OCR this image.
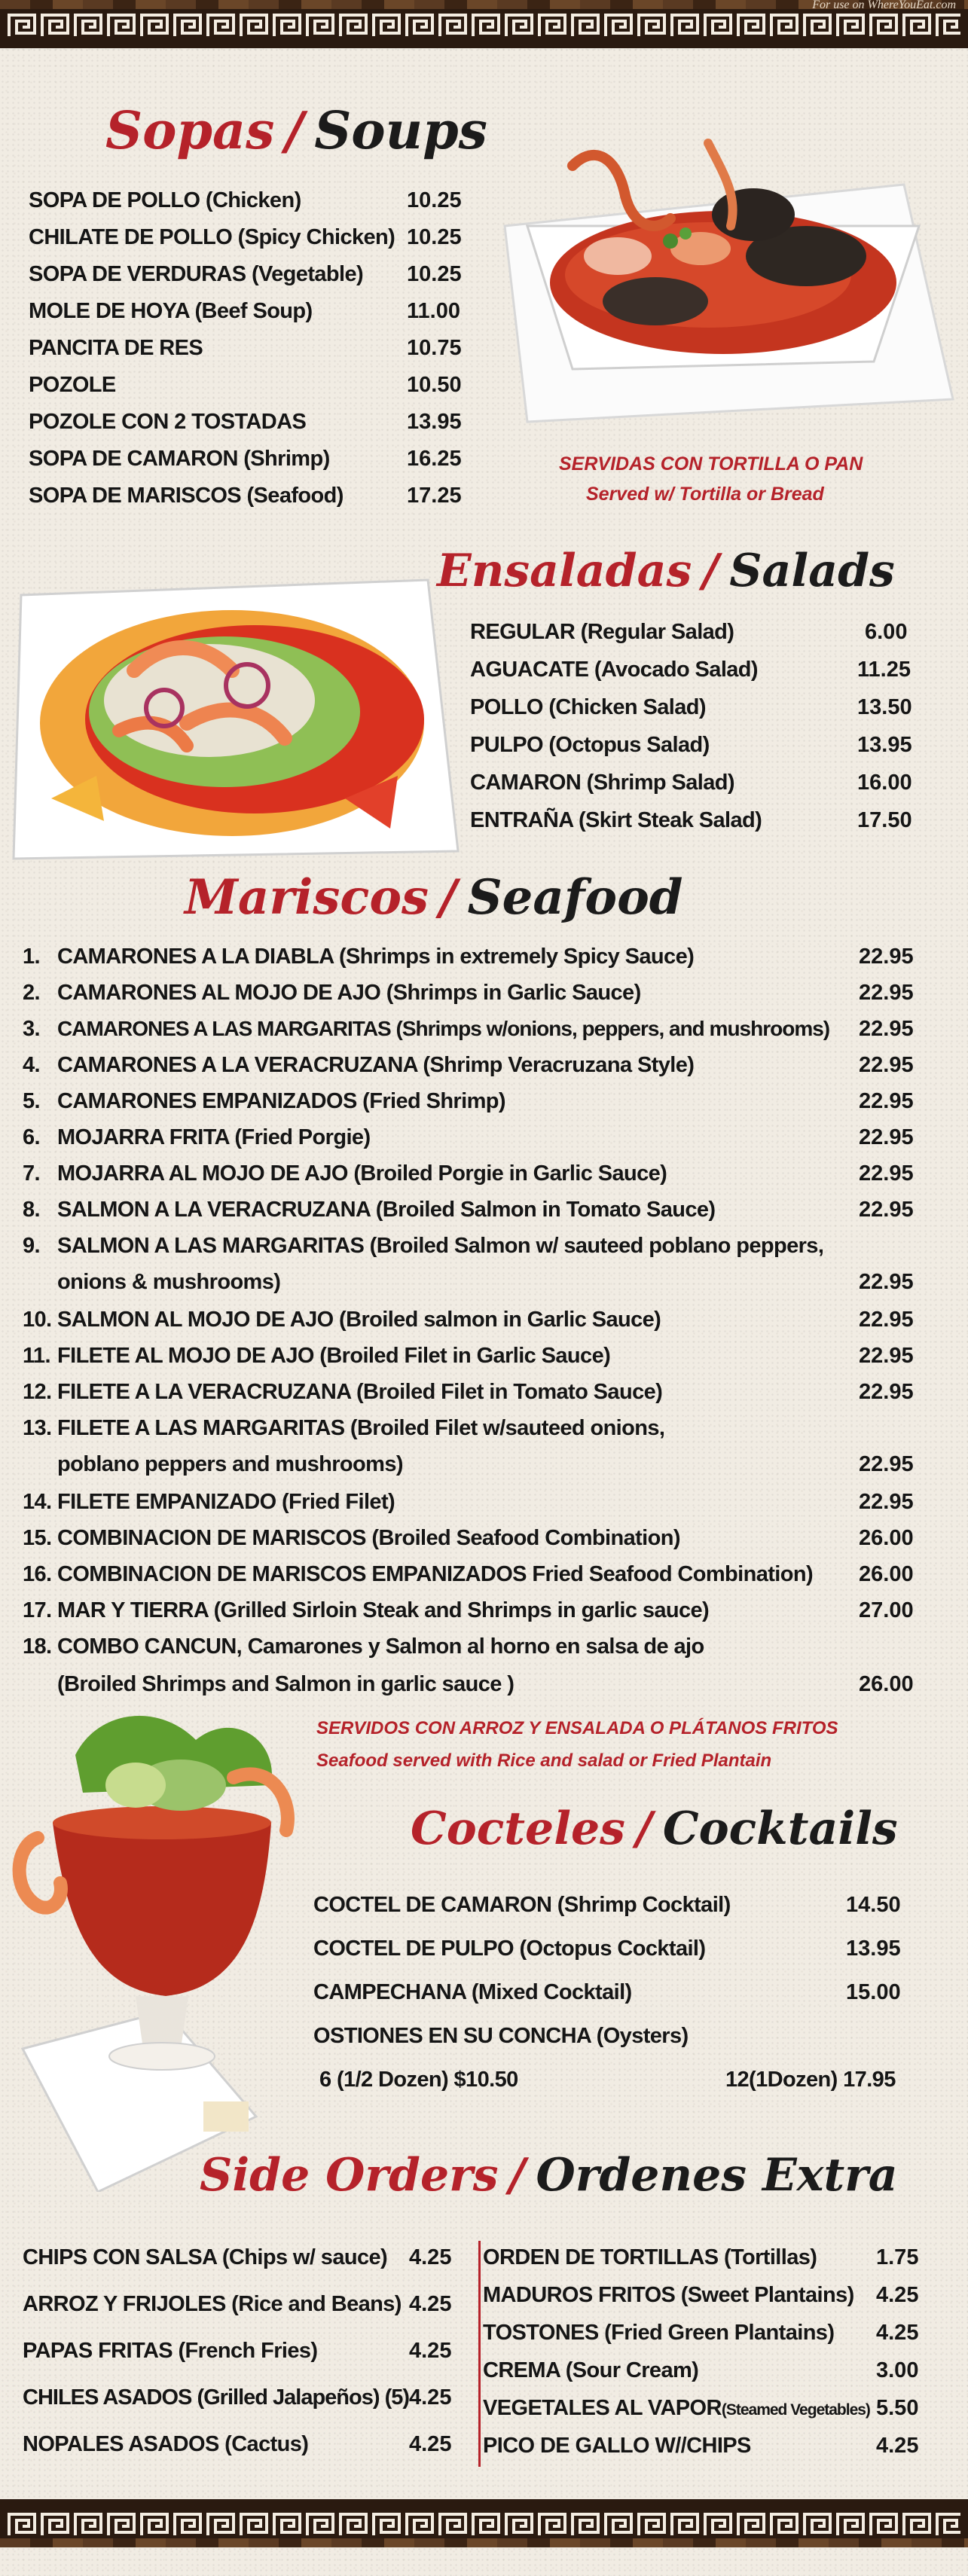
For use on WhereYouEat.com
Sopas / Soups
SOPA DE POLLO (Chicken)	10.25
CHILATE DE POLLO (Spicy Chicken) 10.25
SOPA DE VERDURAS (Vegetable) 10.25
MOLE DE HOYA (Beef Soup)	11.00
PANCITA DE RES	10.75
POZOLE	10.50
POZOLE CON 2 TOSTADAS	13.95
SOPA DE CAMARON (Shrimp)	16.25
SOPA DE MARISCOS (Seafood)	17.25
SERVIDAS CON TORTILLA O PAN
Served w/ Tortilla or Bread
Ensaladas / Salads
REGULAR (Regular Salad)	6.00
AGUACATE (Avocado Salad)	11.25
POLLO (Chicken Salad)	13.50
PULPO (Octopus Salad)	13.95
CAMARON (Shrimp Salad)	16.00
ENTRAÑA (Skirt Steak Salad)	17.50
Mariscos / Seafood
1. CAMARONES A LA DIABLA (Shrimps in extremely Spicy Sauce)	22.95
2. CAMARONES AL MOJO DE AJO (Shrimps in Garlic Sauce)	22.95
3. CAMARONES A LAS MARGARITAS (Shrimps w/onions, peppers, and mushrooms) 22.95
4. CAMARONES A LA VERACRUZANA (Shrimp Veracruzana Style)	22.95
5. CAMARONES EMPANIZADOS (Fried Shrimp)	22.95
6. MOJARRA FRITA (Fried Porgie)	22.95
7. MOJARRA AL MOJO DE AJO (Broiled Porgie in Garlic Sauce)	22.95
8. SALMON A LA VERACRUZANA (Broiled Salmon in Tomato Sauce)	22.95
9. SALMON A LAS MARGARITAS (Broiled Salmon w/ sauteed poblano peppers,
onions & mushrooms)	22.95
10. SALMON AL MOJO DE AJO (Broiled salmon in Garlic Sauce)	22.95
11. FILETE AL MOJO DE AJO (Broiled Filet in Garlic Sauce)	22.95
12. FILETE A LA VERACRUZANA (Broiled Filet in Tomato Sauce)	22.95
13. FILETE A LAS MARGARITAS (Broiled Filet w/sauteed onions,
poblano peppers and mushrooms)	22.95
14. FILETE EMPANIZADO (Fried Filet)	22.95
15. COMBINACION DE MARISCOS (Broiled Seafood Combination)	26.00
16. COMBINACION DE MARISCOS EMPANIZADOS Fried Seafood Combination) 26.00
17. MAR Y TIERRA (Grilled Sirloin Steak and Shrimps in garlic sauce)	27.00
18. COMBO CANCUN, Camarones y Salmon al horno en salsa de ajo
(Broiled Shrimps and Salmon in garlic sauce )	26.00
SERVIDOS CON ARROZ Y ENSALADA O PLÁTANOS FRITOS
Seafood served with Rice and salad or Fried Plantain
Cocteles / Cocktails
COCTEL DE CAMARON (Shrimp Cocktail)	14.50
COCTEL DE PULPO (Octopus Cocktail)	13.95
CAMPECHANA (Mixed Cocktail)	15.00
OSTIONES EN SU CONCHA (Oysters)
6 (1/2 Dozen) $10.50	12(1Dozen) 17.95
Side Orders / Ordenes Extra
CHIPS CON SALSA (Chips w/ sauce) 4.25
ARROZ Y FRIJOLES (Rice and Beans) 4.25
PAPAS FRITAS (French Fries)	4.25
CHILES ASADOS (Grilled Jalapeños) (5) 4.25
NOPALES ASADOS (Cactus)	4.25
ORDEN DE TORTILLAS (Tortillas)	1.75
MADUROS FRITOS (Sweet Plantains) 4.25
TOSTONES (Fried Green Plantains) 4.25
CREMA (Sour Cream)	3.00
VEGETALES AL VAPOR(Steamed Vegetables) 5.50
PICO DE GALLO W//CHIPS	4.25
